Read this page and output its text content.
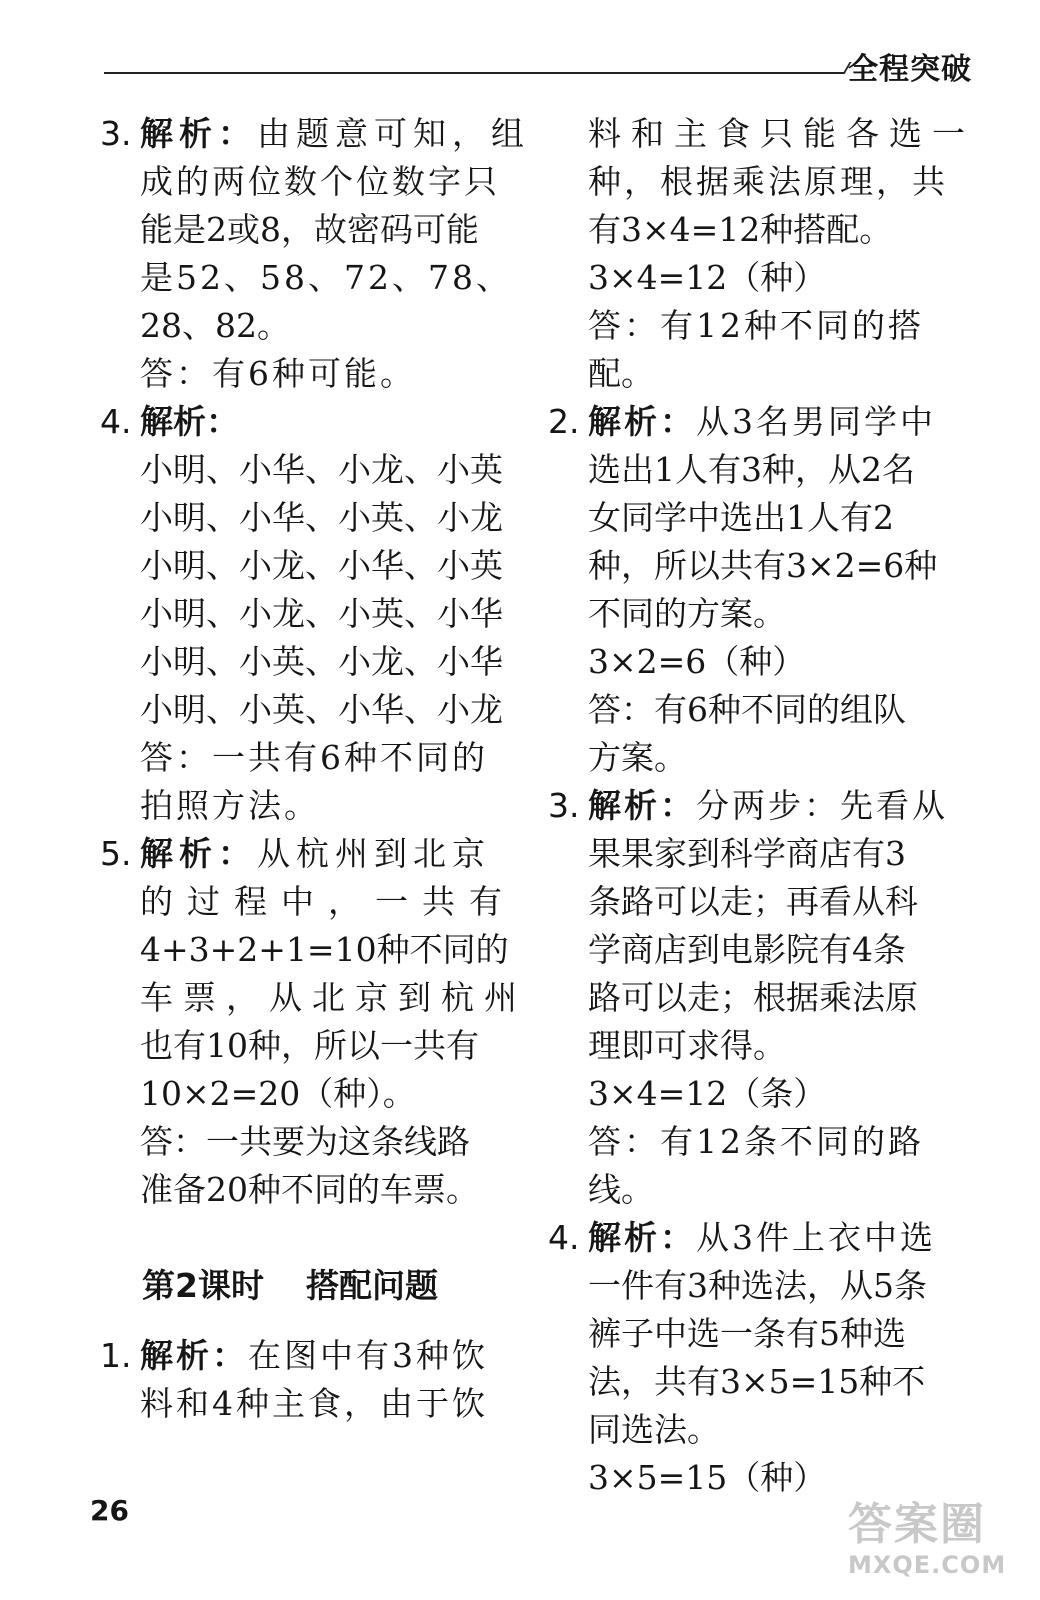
全程突破
3. 解析：由题意可知，组
成的两位数个位数字只
能是2或8，故密码可能
是52、58、72、78、
28、82。
答：有6种可能。
4. 解析：
小明、小华、小龙、小英
小明、小华、小英、小龙
小明、小龙、小华、小英
小明、小龙、小英、小华
小明、小英、小龙、小华
小明、小英、小华、小龙
答：一共有6种不同的
拍照方法。
5. 解析：从杭州到北京
的过程中，一共有
4+3+2+1=10种不同的
车票，从北京到杭州
也有10种，所以一共有
10×2=20（种）。
答：一共要为这条线路
准备20种不同的车票。
第2课时 搭配问题
1. 解析：在图中有3种饮
料和4种主食，由于饮
料和主食只能各选一
种，根据乘法原理，共
有3×4=12种搭配。
3×4=12（种）
答：有12种不同的搭
配。
2. 解析：从3名男同学中
选出1人有3种，从2名
女同学中选出1人有2
种，所以共有3×2=6种
不同的方案。
3×2=6（种）
答：有6种不同的组队
方案。
3. 解析：分两步：先看从
果果家到科学商店有3
条路可以走；再看从科
学商店到电影院有4条
路可以走；根据乘法原
理即可求得。
3×4=12（条）
答：有12条不同的路
线。
4. 解析：从3件上衣中选
一件有3种选法，从5条
裤子中选一条有5种选
法，共有3×5=15种不
同选法。
3×5=15（种）
26	答案圈
MXQE.COM
